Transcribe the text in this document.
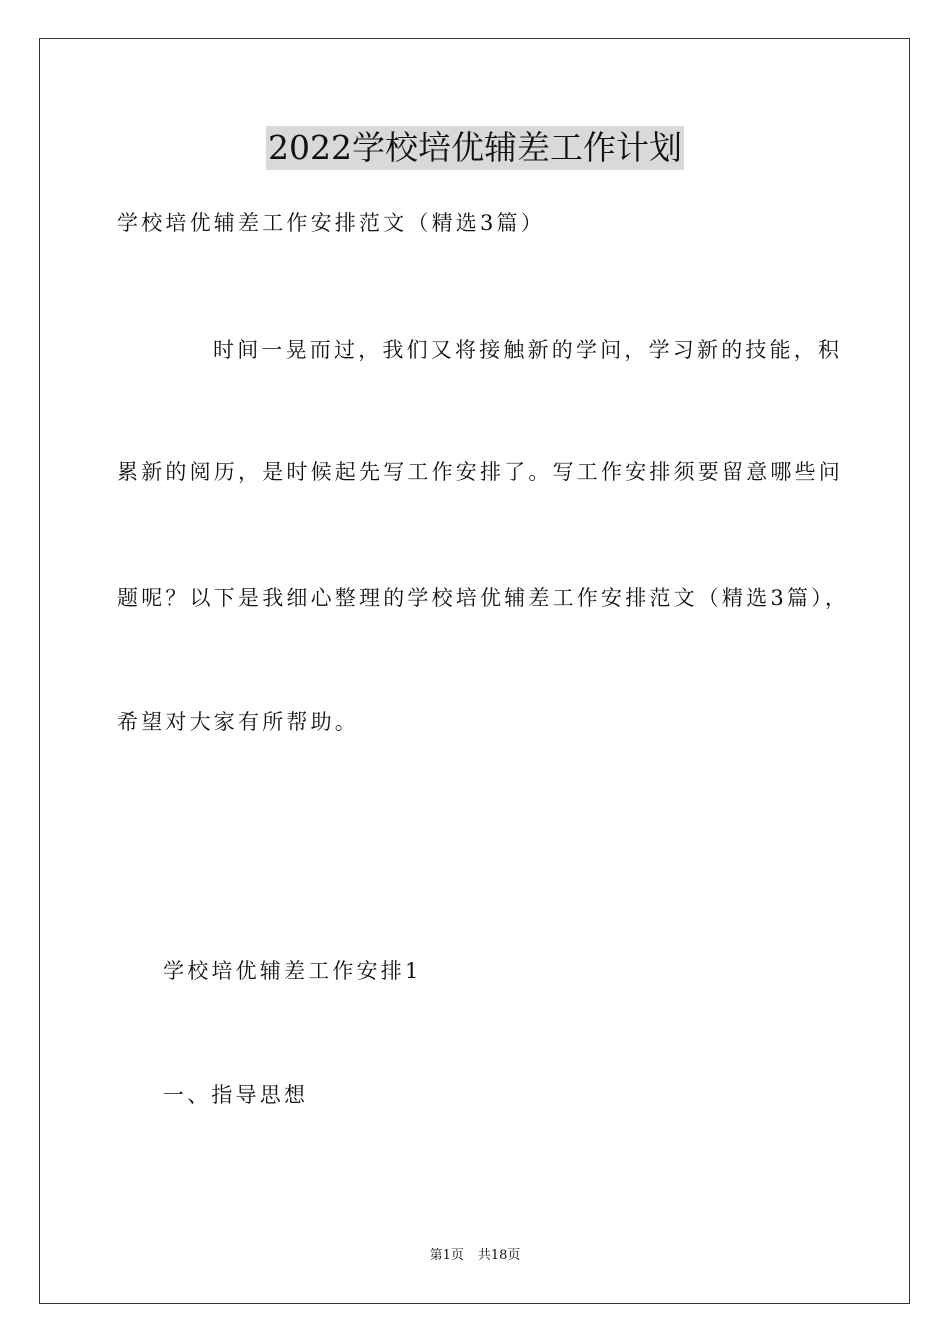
2022学校培优辅差工作计划
学校培优辅差工作安排范文（精选3篇）
时间一晃而过，我们又将接触新的学问，学习新的技能，积
累新的阅历，是时候起先写工作安排了。写工作安排须要留意哪些问
题呢？以下是我细心整理的学校培优辅差工作安排范文（精选3篇），
希望对大家有所帮助。
学校培优辅差工作安排1
一、指导思想
第1页 共18页
